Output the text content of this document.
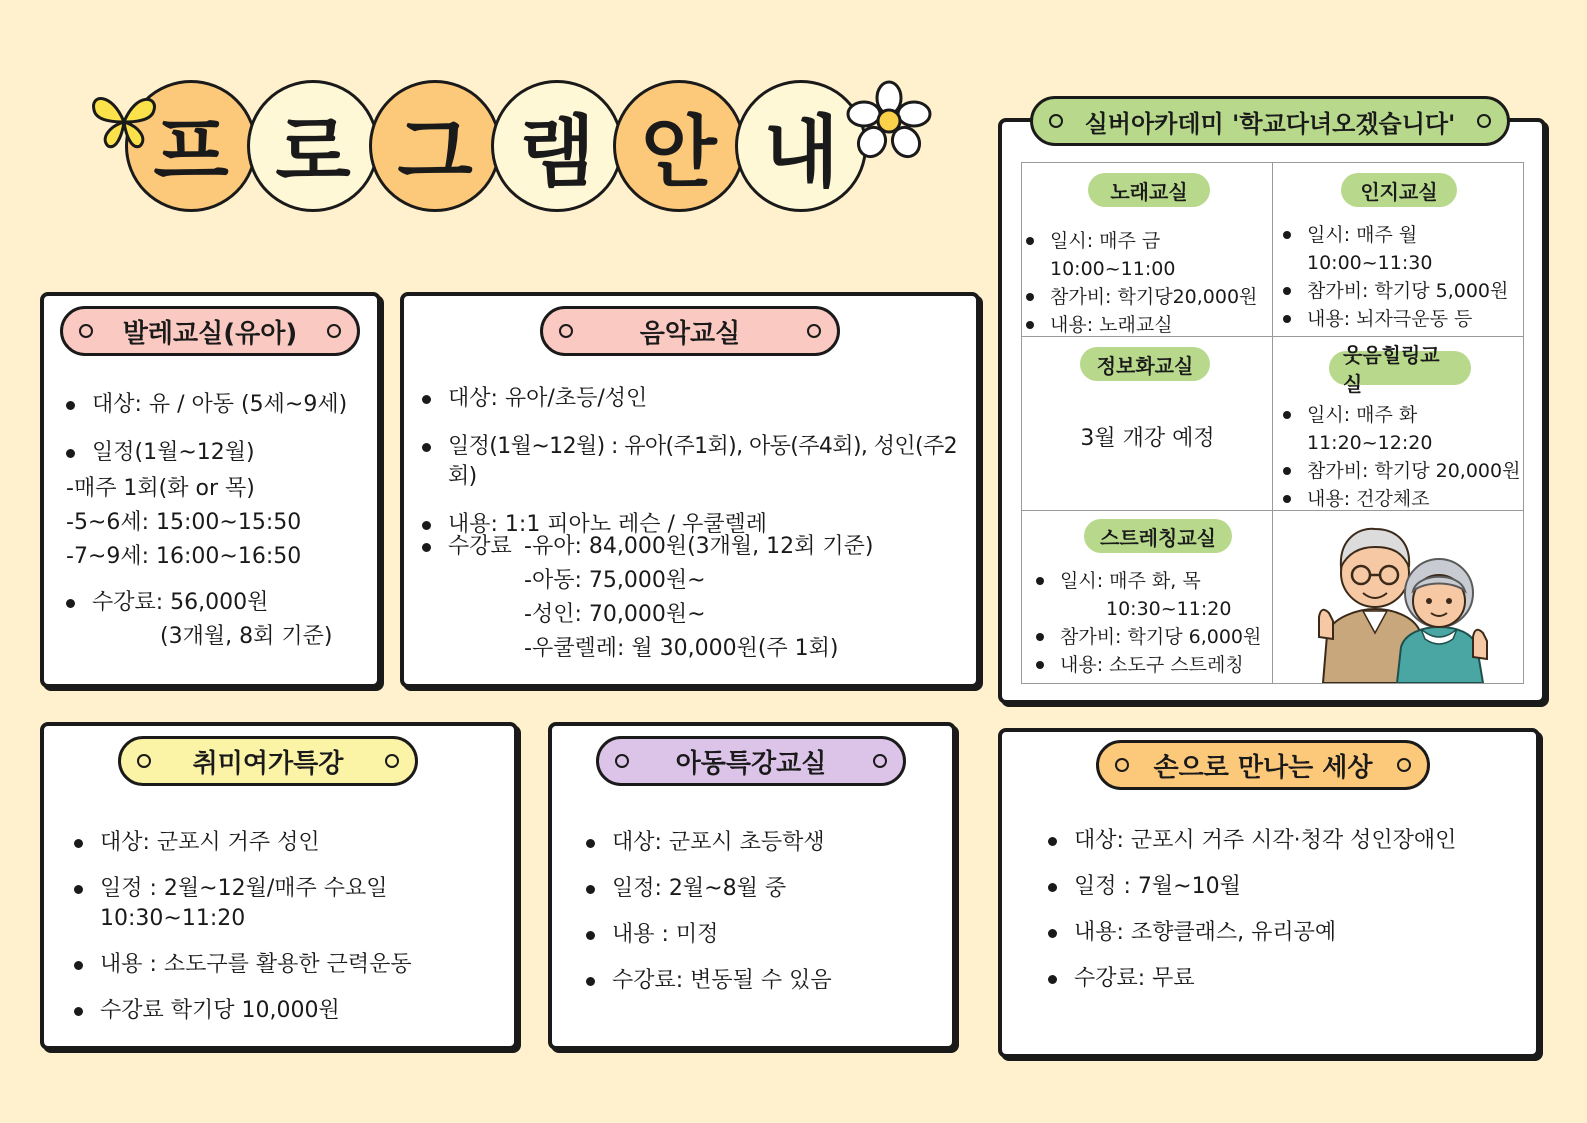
프 로 그 램 안 내
발레교실(유아)
대상: 유 / 아동 (5세~9세)
일정(1월~12월)
-매주 1회(화 or 목)
-5~6세: 15:00~15:50
-7~9세: 16:00~16:50
수강료: 56,000원
(3개월, 8회 기준)
음악교실
대상: 유아/초등/성인
일정(1월~12월) : 유아(주1회), 아동(주4회), 성인(주2회)
내용: 1:1 피아노 레슨 / 우쿨렐레
수강료 -유아: 84,000원(3개월, 12회 기준)
-아동: 75,000원~
-성인: 70,000원~
-우쿨렐레: 월 30,000원(주 1회)
실버아카데미 '학교다녀오겠습니다'
노래교실
일시: 매주 금 10:00~11:00
참가비: 학기당20,000원
내용: 노래교실
인지교실
일시: 매주 월 10:00~11:30
참가비: 학기당 5,000원
내용: 뇌자극운동 등
정보화교실
3월 개강 예정
웃음힐링교실
일시: 매주 화 11:20~12:20
참가비: 학기당 20,000원
내용: 건강체조
스트레칭교실
일시: 매주 화, 목
10:30~11:20
참가비: 학기당 6,000원
내용: 소도구 스트레칭
취미여가특강
대상: 군포시 거주 성인
일정 : 2월~12월/매주 수요일 10:30~11:20
내용 : 소도구를 활용한 근력운동
수강료 학기당 10,000원
아동특강교실
대상: 군포시 초등학생
일정: 2월~8월 중
내용 : 미정
수강료: 변동될 수 있음
손으로 만나는 세상
대상: 군포시 거주 시각·청각 성인장애인
일정 : 7월~10월
내용: 조향클래스, 유리공예
수강료: 무료
